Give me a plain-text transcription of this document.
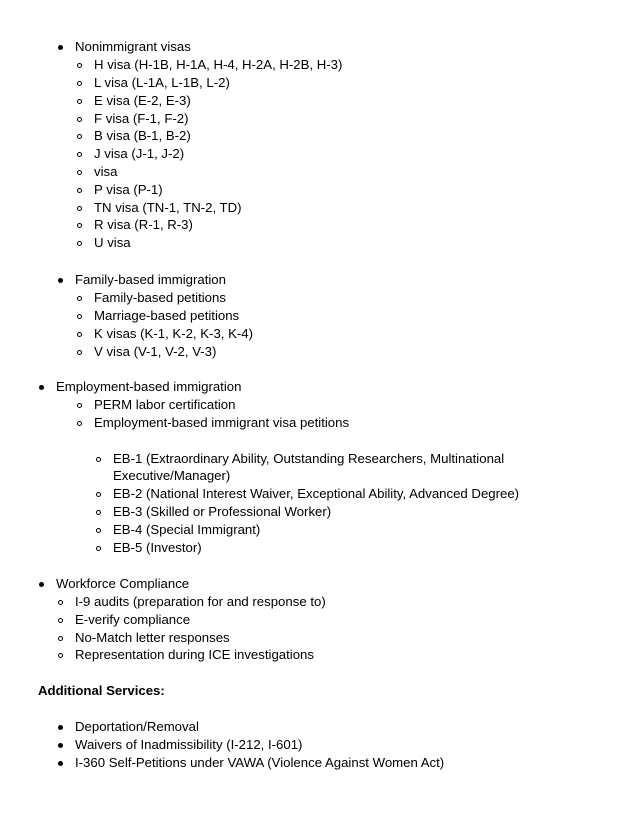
Nonimmigrant visas
H visa (H-1B, H-1A, H-4, H-2A, H-2B, H-3)
L visa (L-1A, L-1B, L-2)
E visa (E-2, E-3)
F visa (F-1, F-2)
B visa (B-1, B-2)
J visa (J-1, J-2)
visa
P visa (P-1)
TN visa (TN-1, TN-2, TD)
R visa (R-1, R-3)
U visa
Family-based immigration
Family-based petitions
Marriage-based petitions
K visas (K-1, K-2, K-3, K-4)
V visa (V-1, V-2, V-3)
Employment-based immigration
PERM labor certification
Employment-based immigrant visa petitions
EB-1 (Extraordinary Ability, Outstanding Researchers, Multinational
Executive/Manager)
EB-2 (National Interest Waiver, Exceptional Ability, Advanced Degree)
EB-3 (Skilled or Professional Worker)
EB-4 (Special Immigrant)
EB-5 (Investor)
Workforce Compliance
I-9 audits (preparation for and response to)
E-verify compliance
No-Match letter responses
Representation during ICE investigations
Additional Services:
Deportation/Removal
Waivers of Inadmissibility (I-212, I-601)
I-360 Self-Petitions under VAWA (Violence Against Women Act)
